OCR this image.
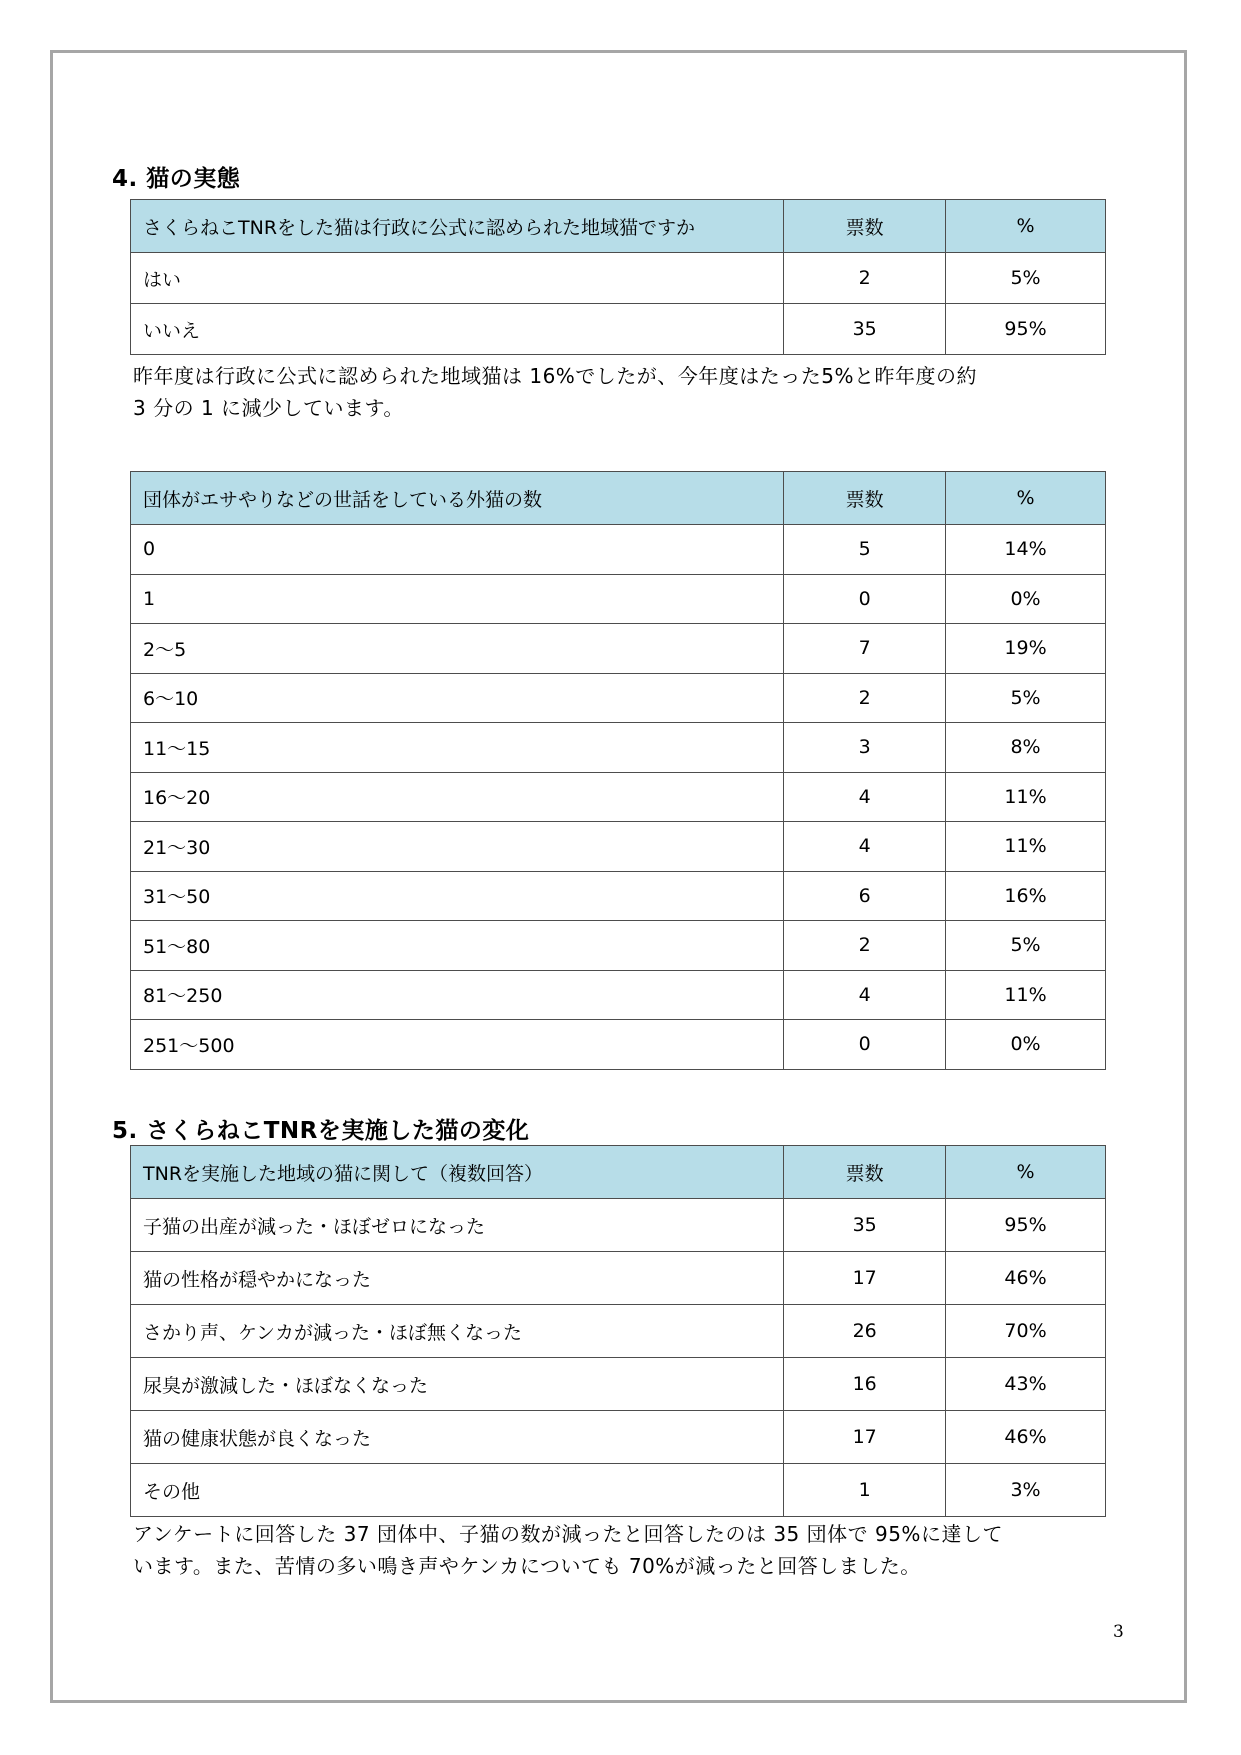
4. 猫の実態
さくらねこTNRをした猫は行政に公式に認められた地域猫ですか	票数	%
はい	2	5%
いいえ	35	95%
昨年度は行政に公式に認められた地域猫は 16%でしたが、今年度はたった5%と昨年度の約
3 分の 1 に減少しています。
団体がエサやりなどの世話をしている外猫の数	票数	%
0	5	14%
1	0	0%
2～5	7	19%
6～10	2	5%
11～15	3	8%
16～20	4	11%
21～30	4	11%
31～50	6	16%
51～80	2	5%
81～250	4	11%
251～500	0	0%
5. さくらねこTNRを実施した猫の変化
TNRを実施した地域の猫に関して（複数回答）	票数	%
子猫の出産が減った・ほぼゼロになった	35	95%
猫の性格が穏やかになった	17	46%
さかり声、ケンカが減った・ほぼ無くなった	26	70%
尿臭が激減した・ほぼなくなった	16	43%
猫の健康状態が良くなった	17	46%
その他	1	3%
アンケートに回答した 37 団体中、子猫の数が減ったと回答したのは 35 団体で 95%に達して
います。また、苦情の多い鳴き声やケンカについても 70%が減ったと回答しました。
3
